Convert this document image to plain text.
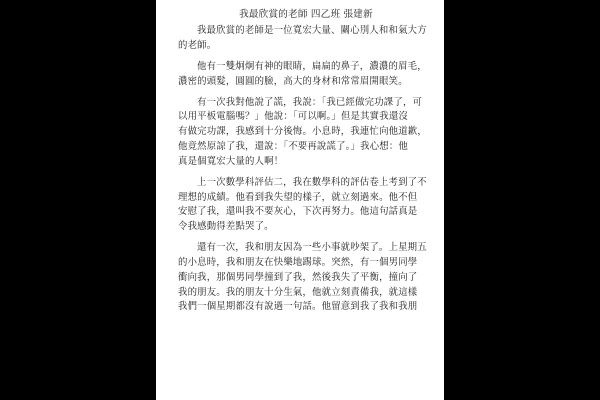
我最欣賞的老師 四乙班 張建新
我最欣賞的老師是一位寬宏大量、關心別人和和氣大方
的老師。
他有一雙炯炯有神的眼睛，扁扁的鼻子，濃濃的眉毛，
濃密的頭髮，圓圓的臉，高大的身材和常常眉開眼笑。
有一次我對他說了謊，我說：「我已經做完功課了，可
以用平板電腦嗎？」他說：「可以啊。」但是其實我還沒
有做完功課，我感到十分後悔。小息時，我連忙向他道歉，
他竟然原諒了我，還說：「不要再說謊了。」我心想：他
真是個寬宏大量的人啊！
上一次數學科評估二，我在數學科的評估卷上考到了不
理想的成績。他看到我失望的樣子，就立刻過來。他不但
安慰了我，還叫我不要灰心，下次再努力。他這句話真是
令我感動得差點哭了。
還有一次，我和朋友因為一些小事就吵架了。上星期五
的小息時，我和朋友在快樂地踢球。突然，有一個男同學
衝向我，那個男同學撞到了我，然後我失了平衡，撞向了
我的朋友。我的朋友十分生氣，他就立刻責備我，就這樣
我們一個星期都沒有說過一句話。他留意到我了我和我朋
